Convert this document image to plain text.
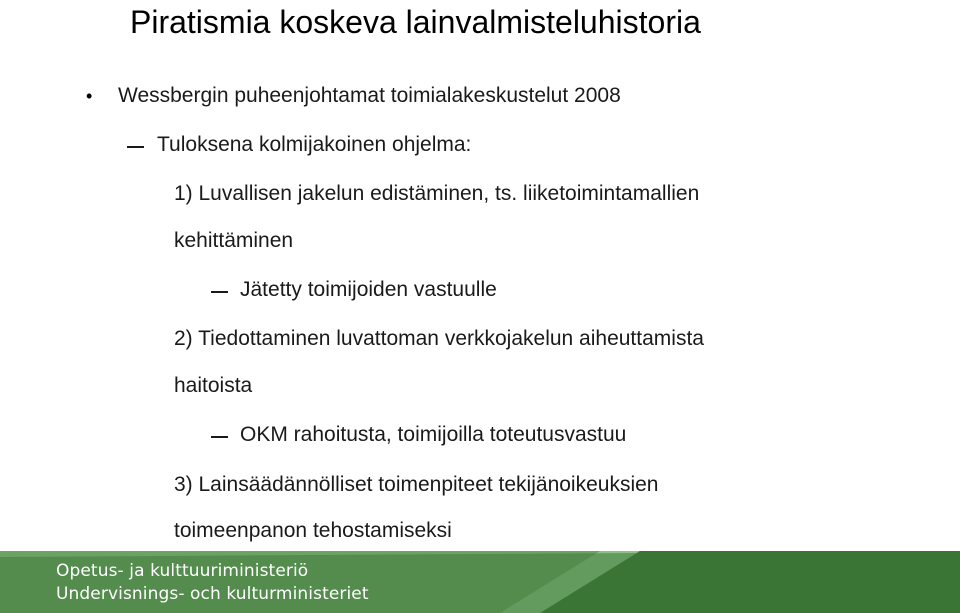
Piratismia koskeva lainvalmisteluhistoria
• Wessbergin puheenjohtamat toimialakeskustelut 2008
Tuloksena kolmijakoinen ohjelma:
1) Luvallisen jakelun edistäminen, ts. liiketoimintamallien
kehittäminen
Jätetty toimijoiden vastuulle
2) Tiedottaminen luvattoman verkkojakelun aiheuttamista
haitoista
OKM rahoitusta, toimijoilla toteutusvastuu
3) Lainsäädännölliset toimenpiteet tekijänoikeuksien
toimeenpanon tehostamiseksi
Opetus- ja kulttuuriministeriö
Undervisnings- och kulturministeriet
